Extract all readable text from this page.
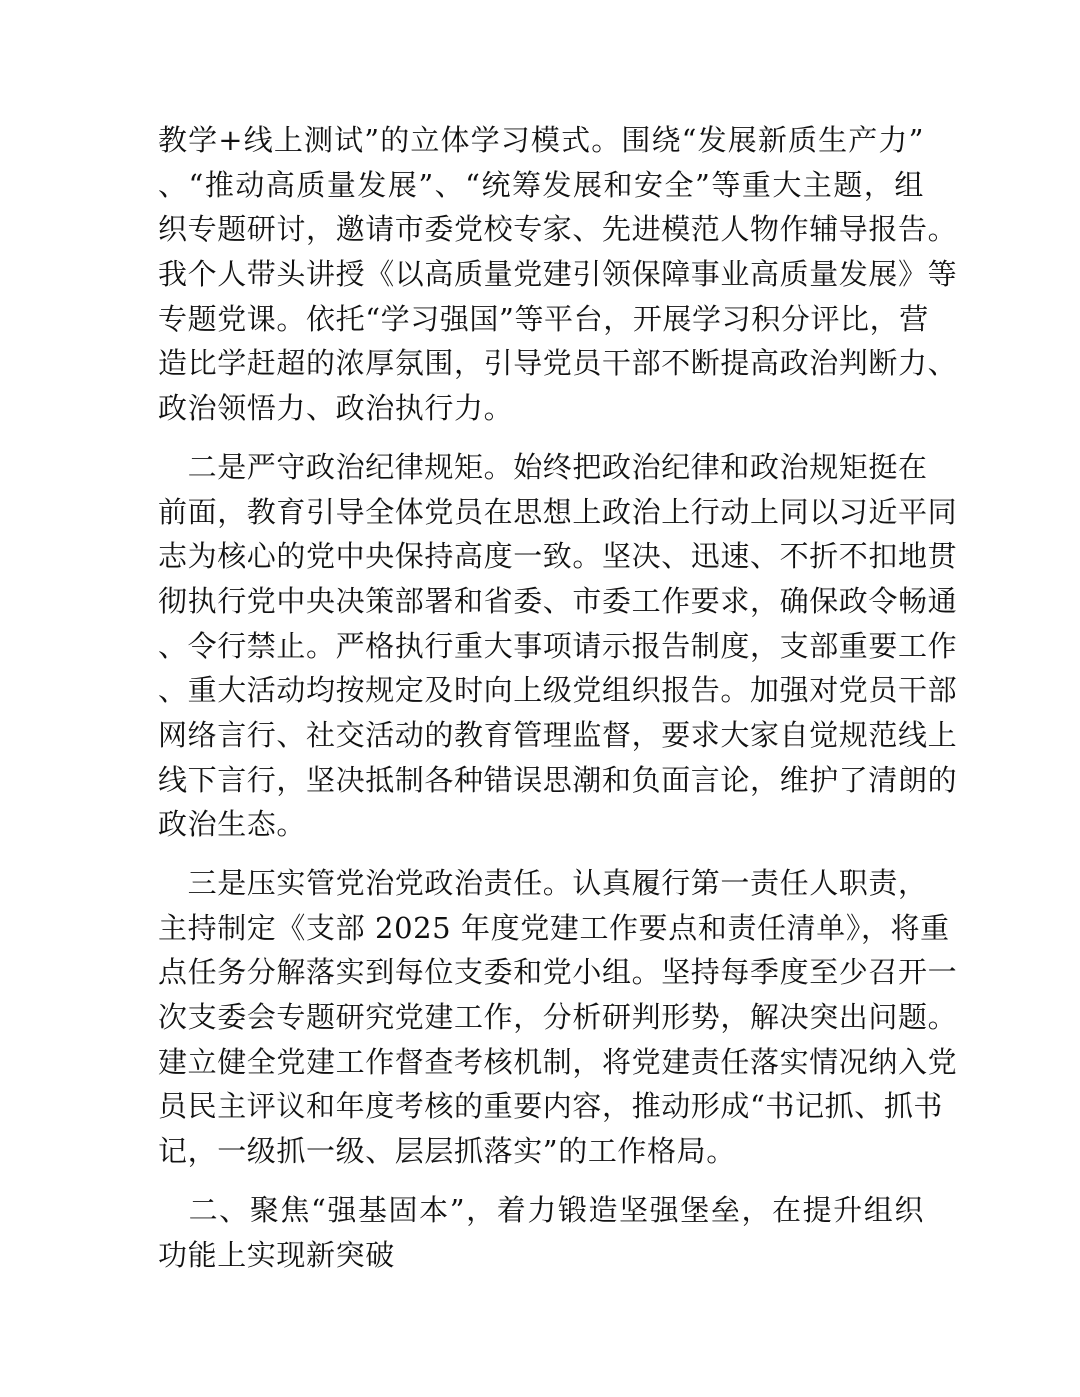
教学+线上测试”的立体学习模式。围绕“发展新质生产力”
、“推动高质量发展”、“统筹发展和安全”等重大主题，组
织专题研讨，邀请市委党校专家、先进模范人物作辅导报告。
我个人带头讲授《以高质量党建引领保障事业高质量发展》等
专题党课。依托“学习强国”等平台，开展学习积分评比，营
造比学赶超的浓厚氛围，引导党员干部不断提高政治判断力、
政治领悟力、政治执行力。
　二是严守政治纪律规矩。始终把政治纪律和政治规矩挺在
前面，教育引导全体党员在思想上政治上行动上同以习近平同
志为核心的党中央保持高度一致。坚决、迅速、不折不扣地贯
彻执行党中央决策部署和省委、市委工作要求，确保政令畅通
、令行禁止。严格执行重大事项请示报告制度，支部重要工作
、重大活动均按规定及时向上级党组织报告。加强对党员干部
网络言行、社交活动的教育管理监督，要求大家自觉规范线上
线下言行，坚决抵制各种错误思潮和负面言论，维护了清朗的
政治生态。
　三是压实管党治党政治责任。认真履行第一责任人职责，
主持制定《支部 2025 年度党建工作要点和责任清单》，将重
点任务分解落实到每位支委和党小组。坚持每季度至少召开一
次支委会专题研究党建工作，分析研判形势，解决突出问题。
建立健全党建工作督查考核机制，将党建责任落实情况纳入党
员民主评议和年度考核的重要内容，推动形成“书记抓、抓书
记，一级抓一级、层层抓落实”的工作格局。
　二、聚焦“强基固本”，着力锻造坚强堡垒，在提升组织
功能上实现新突破
